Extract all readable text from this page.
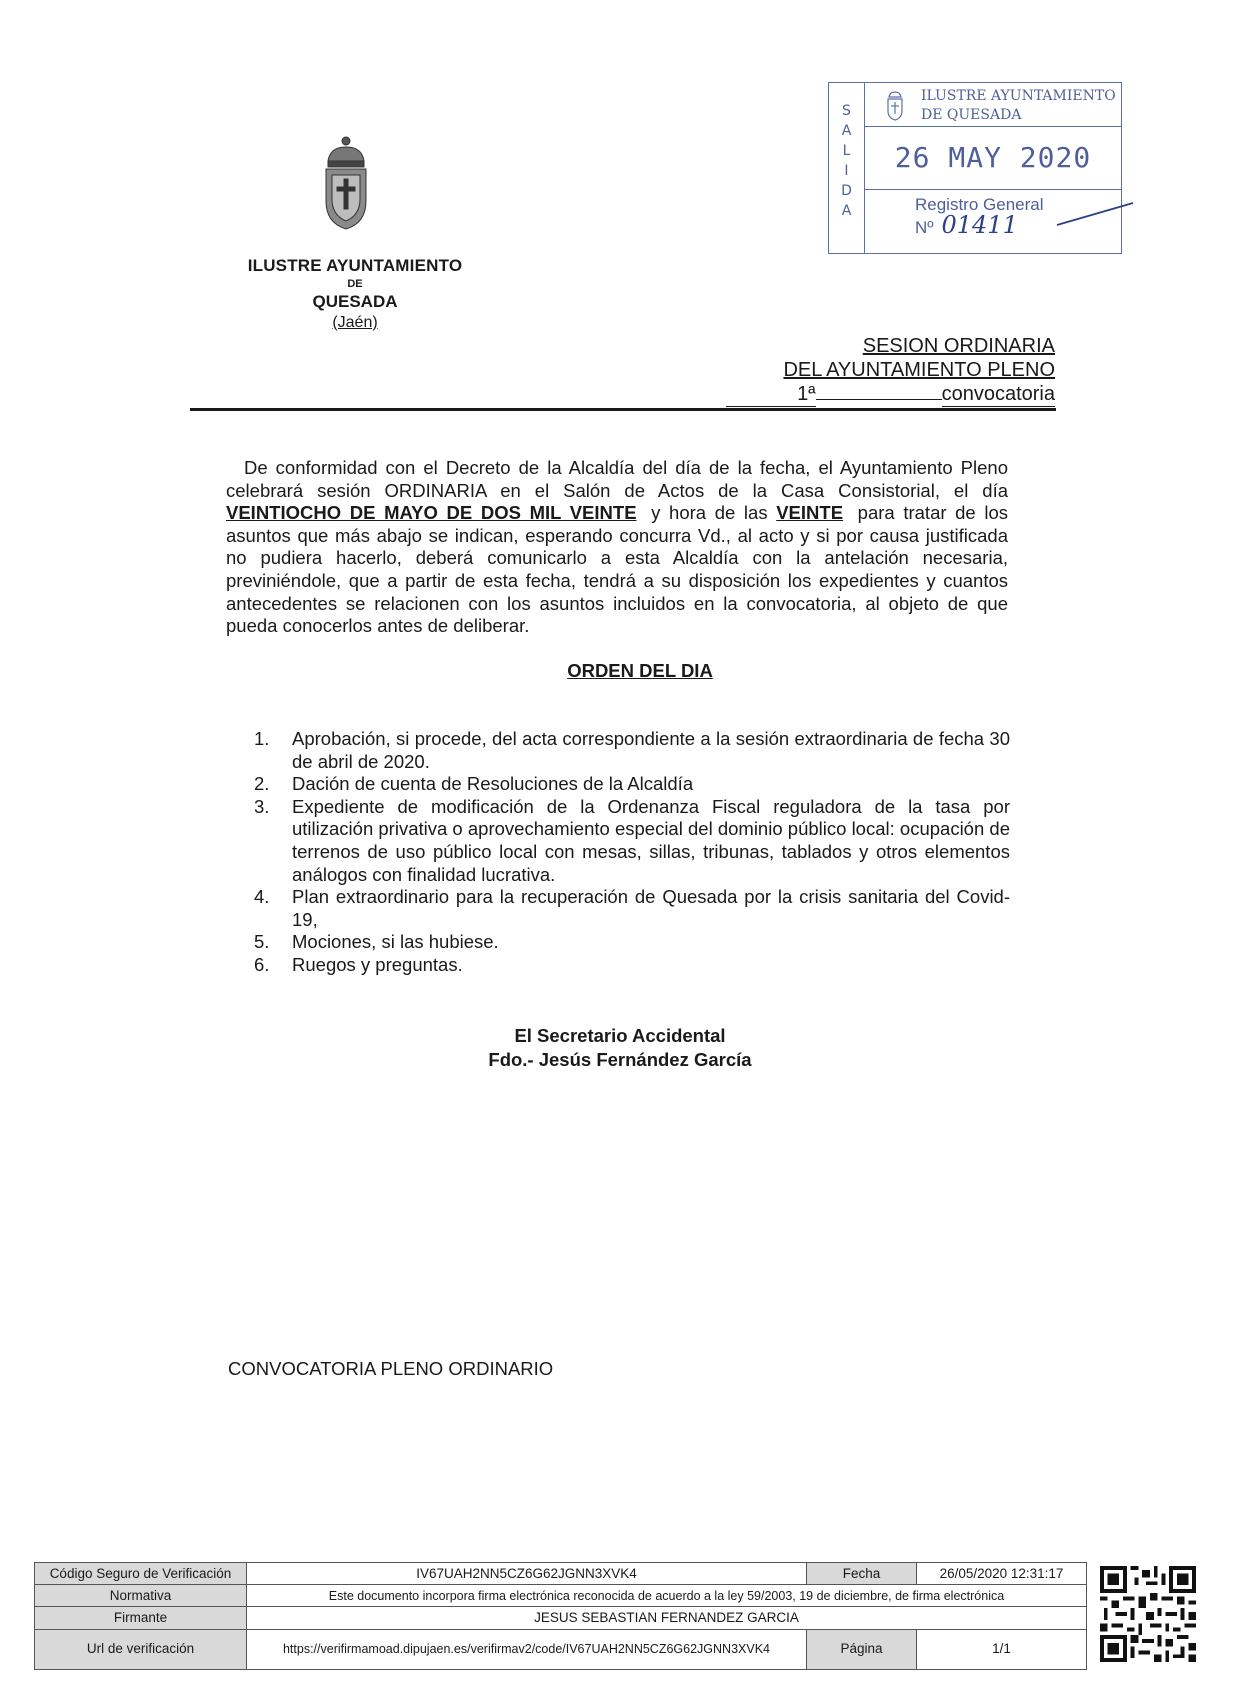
ILUSTRE AYUNTAMIENTO
DE
QUESADA
(Jaén)
S
A
L
I
D
A
ILUSTRE AYUNTAMIENTO
DE QUESADA
26 MAY 2020
Registro General
Nº 01411
SESION ORDINARIA
DEL AYUNTAMIENTO PLENO
1ª	convocatoria
De conformidad con el Decreto de la Alcaldía del día de la fecha, el Ayuntamiento Pleno celebrará sesión ORDINARIA en el Salón de Actos de la Casa Consistorial, el día VEINTIOCHO DE MAYO DE DOS MIL VEINTE y hora de las VEINTE para tratar de los asuntos que más abajo se indican, esperando concurra Vd., al acto y si por causa justificada no pudiera hacerlo, deberá comunicarlo a esta Alcaldía con la antelación necesaria, previniéndole, que a partir de esta fecha, tendrá a su disposición los expedientes y cuantos antecedentes se relacionen con los asuntos incluidos en la convocatoria, al objeto de que pueda conocerlos antes de deliberar.
ORDEN DEL DIA
1.	Aprobación, si procede, del acta correspondiente a la sesión extraordinaria de fecha 30 de abril de 2020.
2.	Dación de cuenta de Resoluciones de la Alcaldía
3.	Expediente de modificación de la Ordenanza Fiscal reguladora de la tasa por utilización privativa o aprovechamiento especial del dominio público local: ocupación de terrenos de uso público local con mesas, sillas, tribunas, tablados y otros elementos análogos con finalidad lucrativa.
4.	Plan extraordinario para la recuperación de Quesada por la crisis sanitaria del Covid-19,
5.	Mociones, si las hubiese.
6.	Ruegos y preguntas.
El Secretario Accidental
Fdo.- Jesús Fernández García
CONVOCATORIA PLENO ORDINARIO
Código Seguro de Verificación	IV67UAH2NN5CZ6G62JGNN3XVK4	Fecha	26/05/2020 12:31:17
Normativa	Este documento incorpora firma electrónica reconocida de acuerdo a la ley 59/2003, 19 de diciembre, de firma electrónica		
Firmante	JESUS SEBASTIAN FERNANDEZ GARCIA		
Url de verificación	https://verifirmamoad.dipujaen.es/verifirmav2/code/IV67UAH2NN5CZ6G62JGNN3XVK4	Página	1/1
